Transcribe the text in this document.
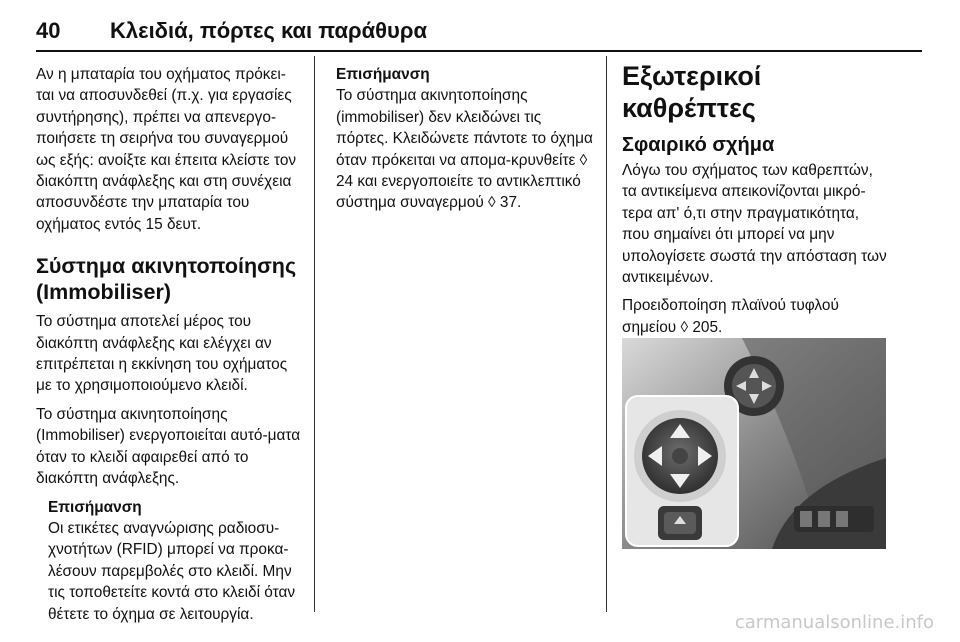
40 Κλειδιά, πόρτες και παράθυρα

Αν η μπαταρία του οχήματος πρόκει-ται να αποσυνδεθεί (π.χ. για εργασίες συντήρησης), πρέπει να απενεργο-ποιήσετε τη σειρήνα του συναγερμού ως εξής: ανοίξτε και έπειτα κλείστε τον διακόπτη ανάφλεξης και στη συνέχεια αποσυνδέστε την μπαταρία του οχήματος εντός 15 δευτ.

Σύστημα ακινητοποίησης (Immobiliser)

Το σύστημα αποτελεί μέρος του διακόπτη ανάφλεξης και ελέγχει αν επιτρέπεται η εκκίνηση του οχήματος με το χρησιμοποιούμενο κλειδί.

Το σύστημα ακινητοποίησης (Immobiliser) ενεργοποιείται αυτό-ματα όταν το κλειδί αφαιρεθεί από το διακόπτη ανάφλεξης.

Επισήμανση
Οι ετικέτες αναγνώρισης ραδιοσυ-χνοτήτων (RFID) μπορεί να προκα-λέσουν παρεμβολές στο κλειδί. Μην τις τοποθετείτε κοντά στο κλειδί όταν θέτετε το όχημα σε λειτουργία.
Επισήμανση
Το σύστημα ακινητοποίησης (immobiliser) δεν κλειδώνει τις πόρτες. Κλειδώνετε πάντοτε το όχημα όταν πρόκειται να απομα-κρυνθείτε ◊ 24 και ενεργοποιείτε το αντικλεπτικό σύστημα συναγερμού ◊ 37.
Εξωτερικοί καθρέπτες
Σφαιρικό σχήμα

Λόγω του σχήματος των καθρεπτών, τα αντικείμενα απεικονίζονται μικρό-τερα απ' ό,τι στην πραγματικότητα, που σημαίνει ότι μπορεί να μην υπολογίσετε σωστά την απόσταση των αντικειμένων.

Προειδοποίηση πλαϊνού τυφλού σημείου ◊ 205.

carmanualsonline.info
